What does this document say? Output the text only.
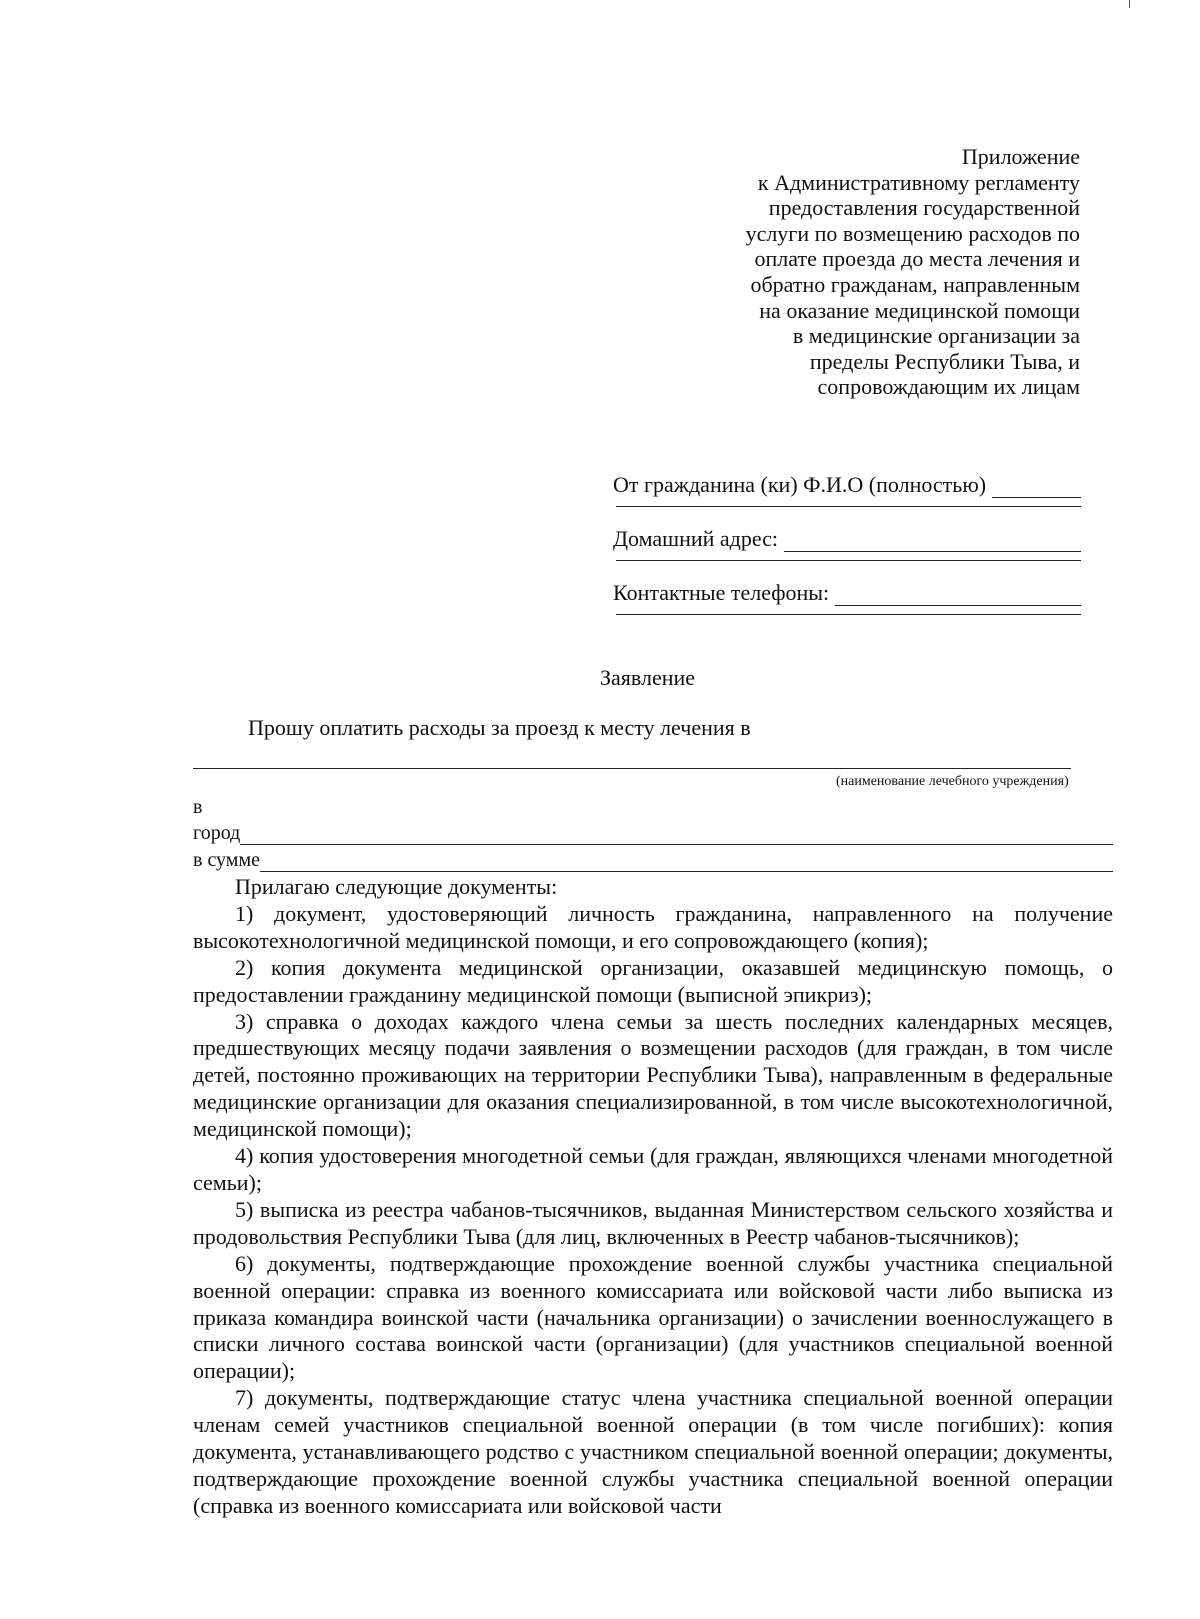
Приложение
к Административному регламенту
предоставления государственной
услуги по возмещению расходов по
оплате проезда до места лечения и
обратно гражданам, направленным
на оказание медицинской помощи
в медицинские организации за
пределы Республики Тыва, и
сопровождающим их лицам
От гражданина (ки) Ф.И.О (полностью)
Домашний адрес:
Контактные телефоны:
Заявление
Прошу оплатить расходы за проезд к месту лечения в
(наименование лечебного учреждения)
в
город
в сумме

Прилагаю следующие документы:

1) документ, удостоверяющий личность гражданина, направленного на получение высокотехнологичной медицинской помощи, и его сопровождающего (копия);

2) копия документа медицинской организации, оказавшей медицинскую помощь, о предоставлении гражданину медицинской помощи (выписной эпикриз);

3) справка о доходах каждого члена семьи за шесть последних календарных месяцев, предшествующих месяцу подачи заявления о возмещении расходов (для граждан, в том числе детей, постоянно проживающих на территории Республики Тыва), направленным в федеральные медицинские организации для оказания специализированной, в том числе высокотехнологичной, медицинской помощи);

4) копия удостоверения многодетной семьи (для граждан, являющихся членами многодетной семьи);

5) выписка из реестра чабанов-тысячников, выданная Министерством сельского хозяйства и продовольствия Республики Тыва (для лиц, включенных в Реестр чабанов-тысячников);

6) документы, подтверждающие прохождение военной службы участника специальной военной операции: справка из военного комиссариата или войсковой части либо выписка из приказа командира воинской части (начальника организации) о зачислении военнослужащего в списки личного состава воинской части (организации) (для участников специальной военной операции);

7) документы, подтверждающие статус члена участника специальной военной операции членам семей участников специальной военной операции (в том числе погибших): копия документа, устанавливающего родство с участником специальной военной операции; документы, подтверждающие прохождение военной службы участника специальной военной операции (справка из военного комиссариата или войсковой части
